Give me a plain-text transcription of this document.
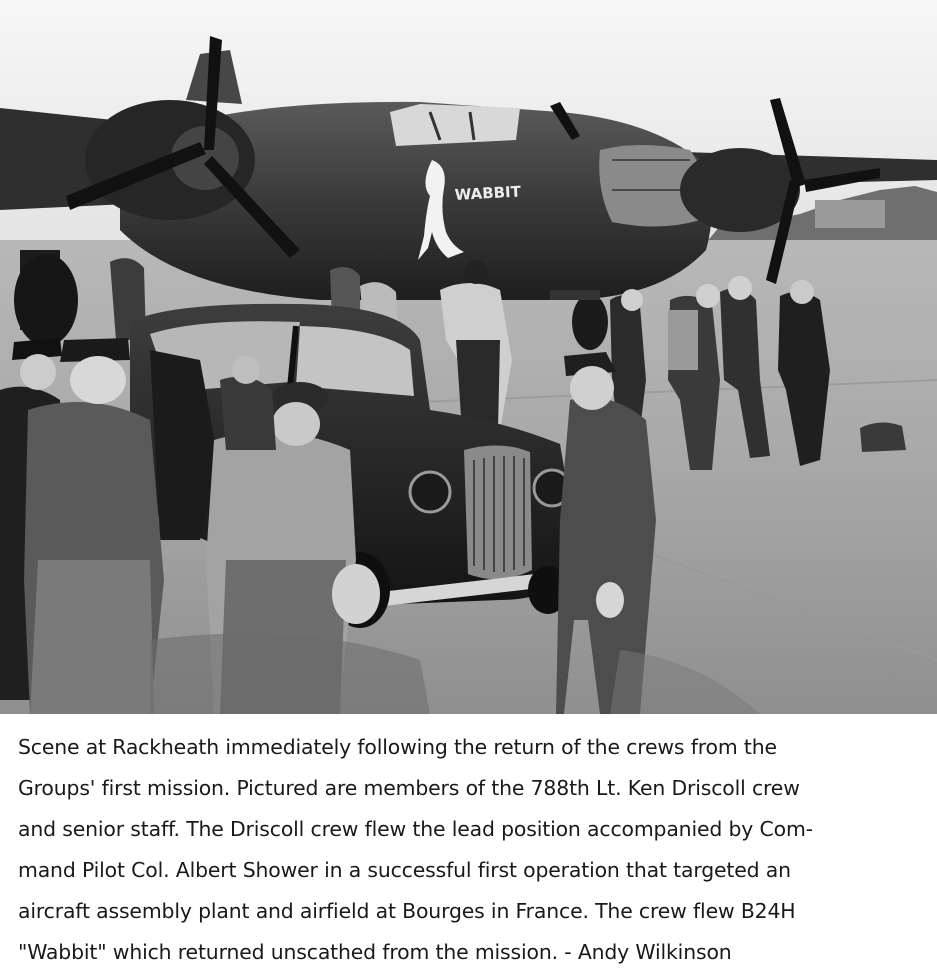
WABBIT
Scene at Rackheath immediately following the return of the crews from the
Groups' first mission. Pictured are members of the 788th Lt. Ken Driscoll crew
and senior staff. The Driscoll crew flew the lead position accompanied by Com-
mand Pilot Col. Albert Shower in a successful first operation that targeted an
aircraft assembly plant and airfield at Bourges in France. The crew flew B24H
"Wabbit" which returned unscathed from the mission. - Andy Wilkinson
